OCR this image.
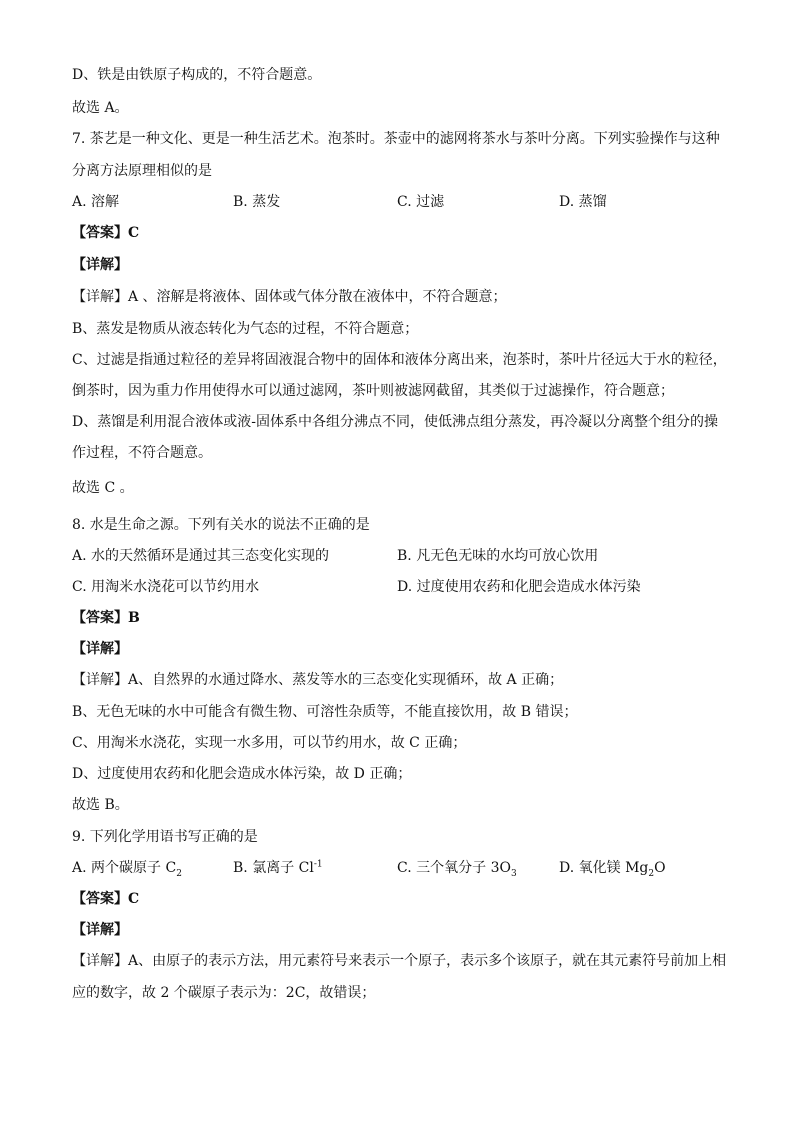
D、铁是由铁原子构成的，不符合题意。
故选 A。
7. 茶艺是一种文化、更是一种生活艺术。泡茶时。茶壶中的滤网将茶水与茶叶分离。下列实验操作与这种
分离方法原理相似的是
A. 溶解	B. 蒸发	C. 过滤	D. 蒸馏
【答案】C
【详解】
【详解】A 、溶解是将液体、固体或气体分散在液体中，不符合题意；
B、蒸发是物质从液态转化为气态的过程，不符合题意；
C、过滤是指通过粒径的差异将固液混合物中的固体和液体分离出来，泡茶时，茶叶片径远大于水的粒径，
倒茶时，因为重力作用使得水可以通过滤网，茶叶则被滤网截留，其类似于过滤操作，符合题意；
D、蒸馏是利用混合液体或液-固体系中各组分沸点不同，使低沸点组分蒸发，再冷凝以分离整个组分的操
作过程，不符合题意。
故选 C 。
8. 水是生命之源。下列有关水的说法不正确的是
A. 水的天然循环是通过其三态变化实现的	B. 凡无色无味的水均可放心饮用
C. 用淘米水浇花可以节约用水	D. 过度使用农药和化肥会造成水体污染
【答案】B
【详解】
【详解】A、自然界的水通过降水、蒸发等水的三态变化实现循环，故 A 正确；
B、无色无味的水中可能含有微生物、可溶性杂质等，不能直接饮用，故 B 错误；
C、用淘米水浇花，实现一水多用，可以节约用水，故 C 正确；
D、过度使用农药和化肥会造成水体污染，故 D 正确；
故选 B。
9. 下列化学用语书写正确的是
A. 两个碳原子 $C_2$	B. 氯离子 $Cl^{-1}$	C. 三个氧分子 $3O_3$	D. 氧化镁 $Mg_2O$
【答案】C
【详解】
【详解】A、由原子的表示方法，用元素符号来表示一个原子，表示多个该原子，就在其元素符号前加上相
应的数字，故 2 个碳原子表示为：2C，故错误；
